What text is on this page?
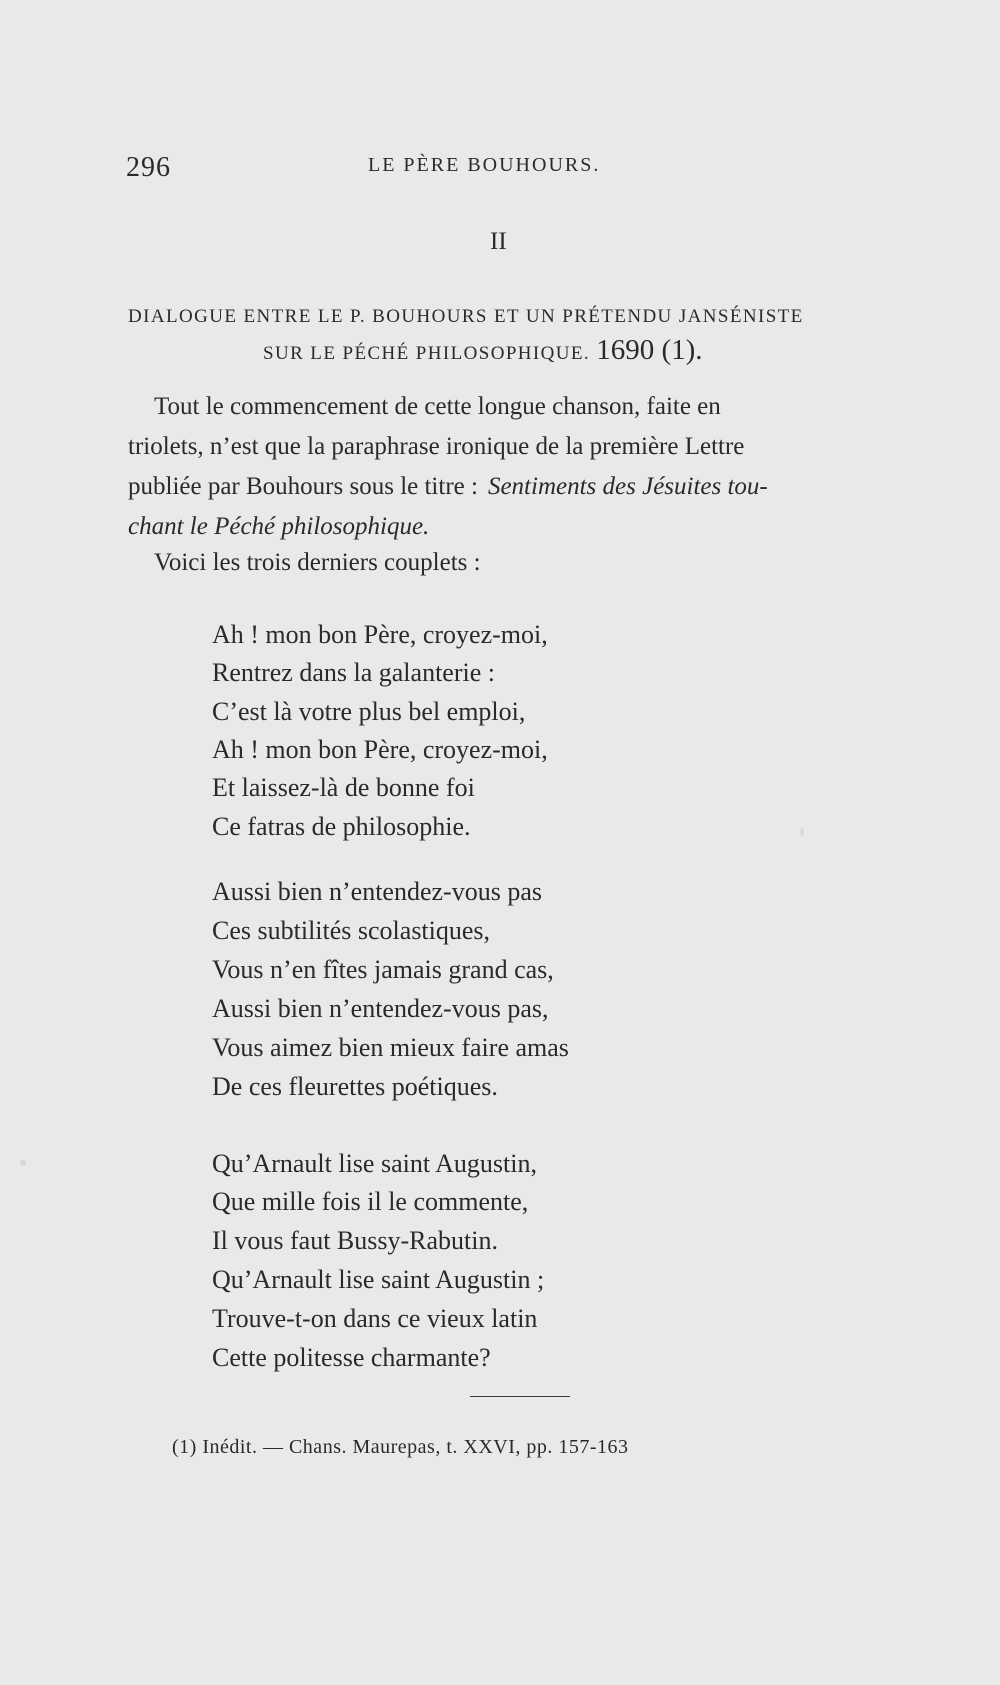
296	LE PÈRE BOUHOURS.
II
DIALOGUE ENTRE LE P. BOUHOURS ET UN PRÉTENDU JANSÉNISTE
SUR LE PÉCHÉ PHILOSOPHIQUE. 1690 (1).
Tout le commencement de cette longue chanson, faite en
triolets, n’est que la paraphrase ironique de la première Lettre
publiée par Bouhours sous le titre : Sentiments des Jésuites tou-
chant le Péché philosophique.
Voici les trois derniers couplets :
Ah ! mon bon Père, croyez-moi,
Rentrez dans la galanterie :
C’est là votre plus bel emploi,
Ah ! mon bon Père, croyez-moi,
Et laissez-là de bonne foi
Ce fatras de philosophie.
Aussi bien n’entendez-vous pas
Ces subtilités scolastiques,
Vous n’en fîtes jamais grand cas,
Aussi bien n’entendez-vous pas,
Vous aimez bien mieux faire amas
De ces fleurettes poétiques.
Qu’Arnault lise saint Augustin,
Que mille fois il le commente,
Il vous faut Bussy-Rabutin.
Qu’Arnault lise saint Augustin ;
Trouve-t-on dans ce vieux latin
Cette politesse charmante?
(1) Inédit. — Chans. Maurepas, t. XXVI, pp. 157-163
